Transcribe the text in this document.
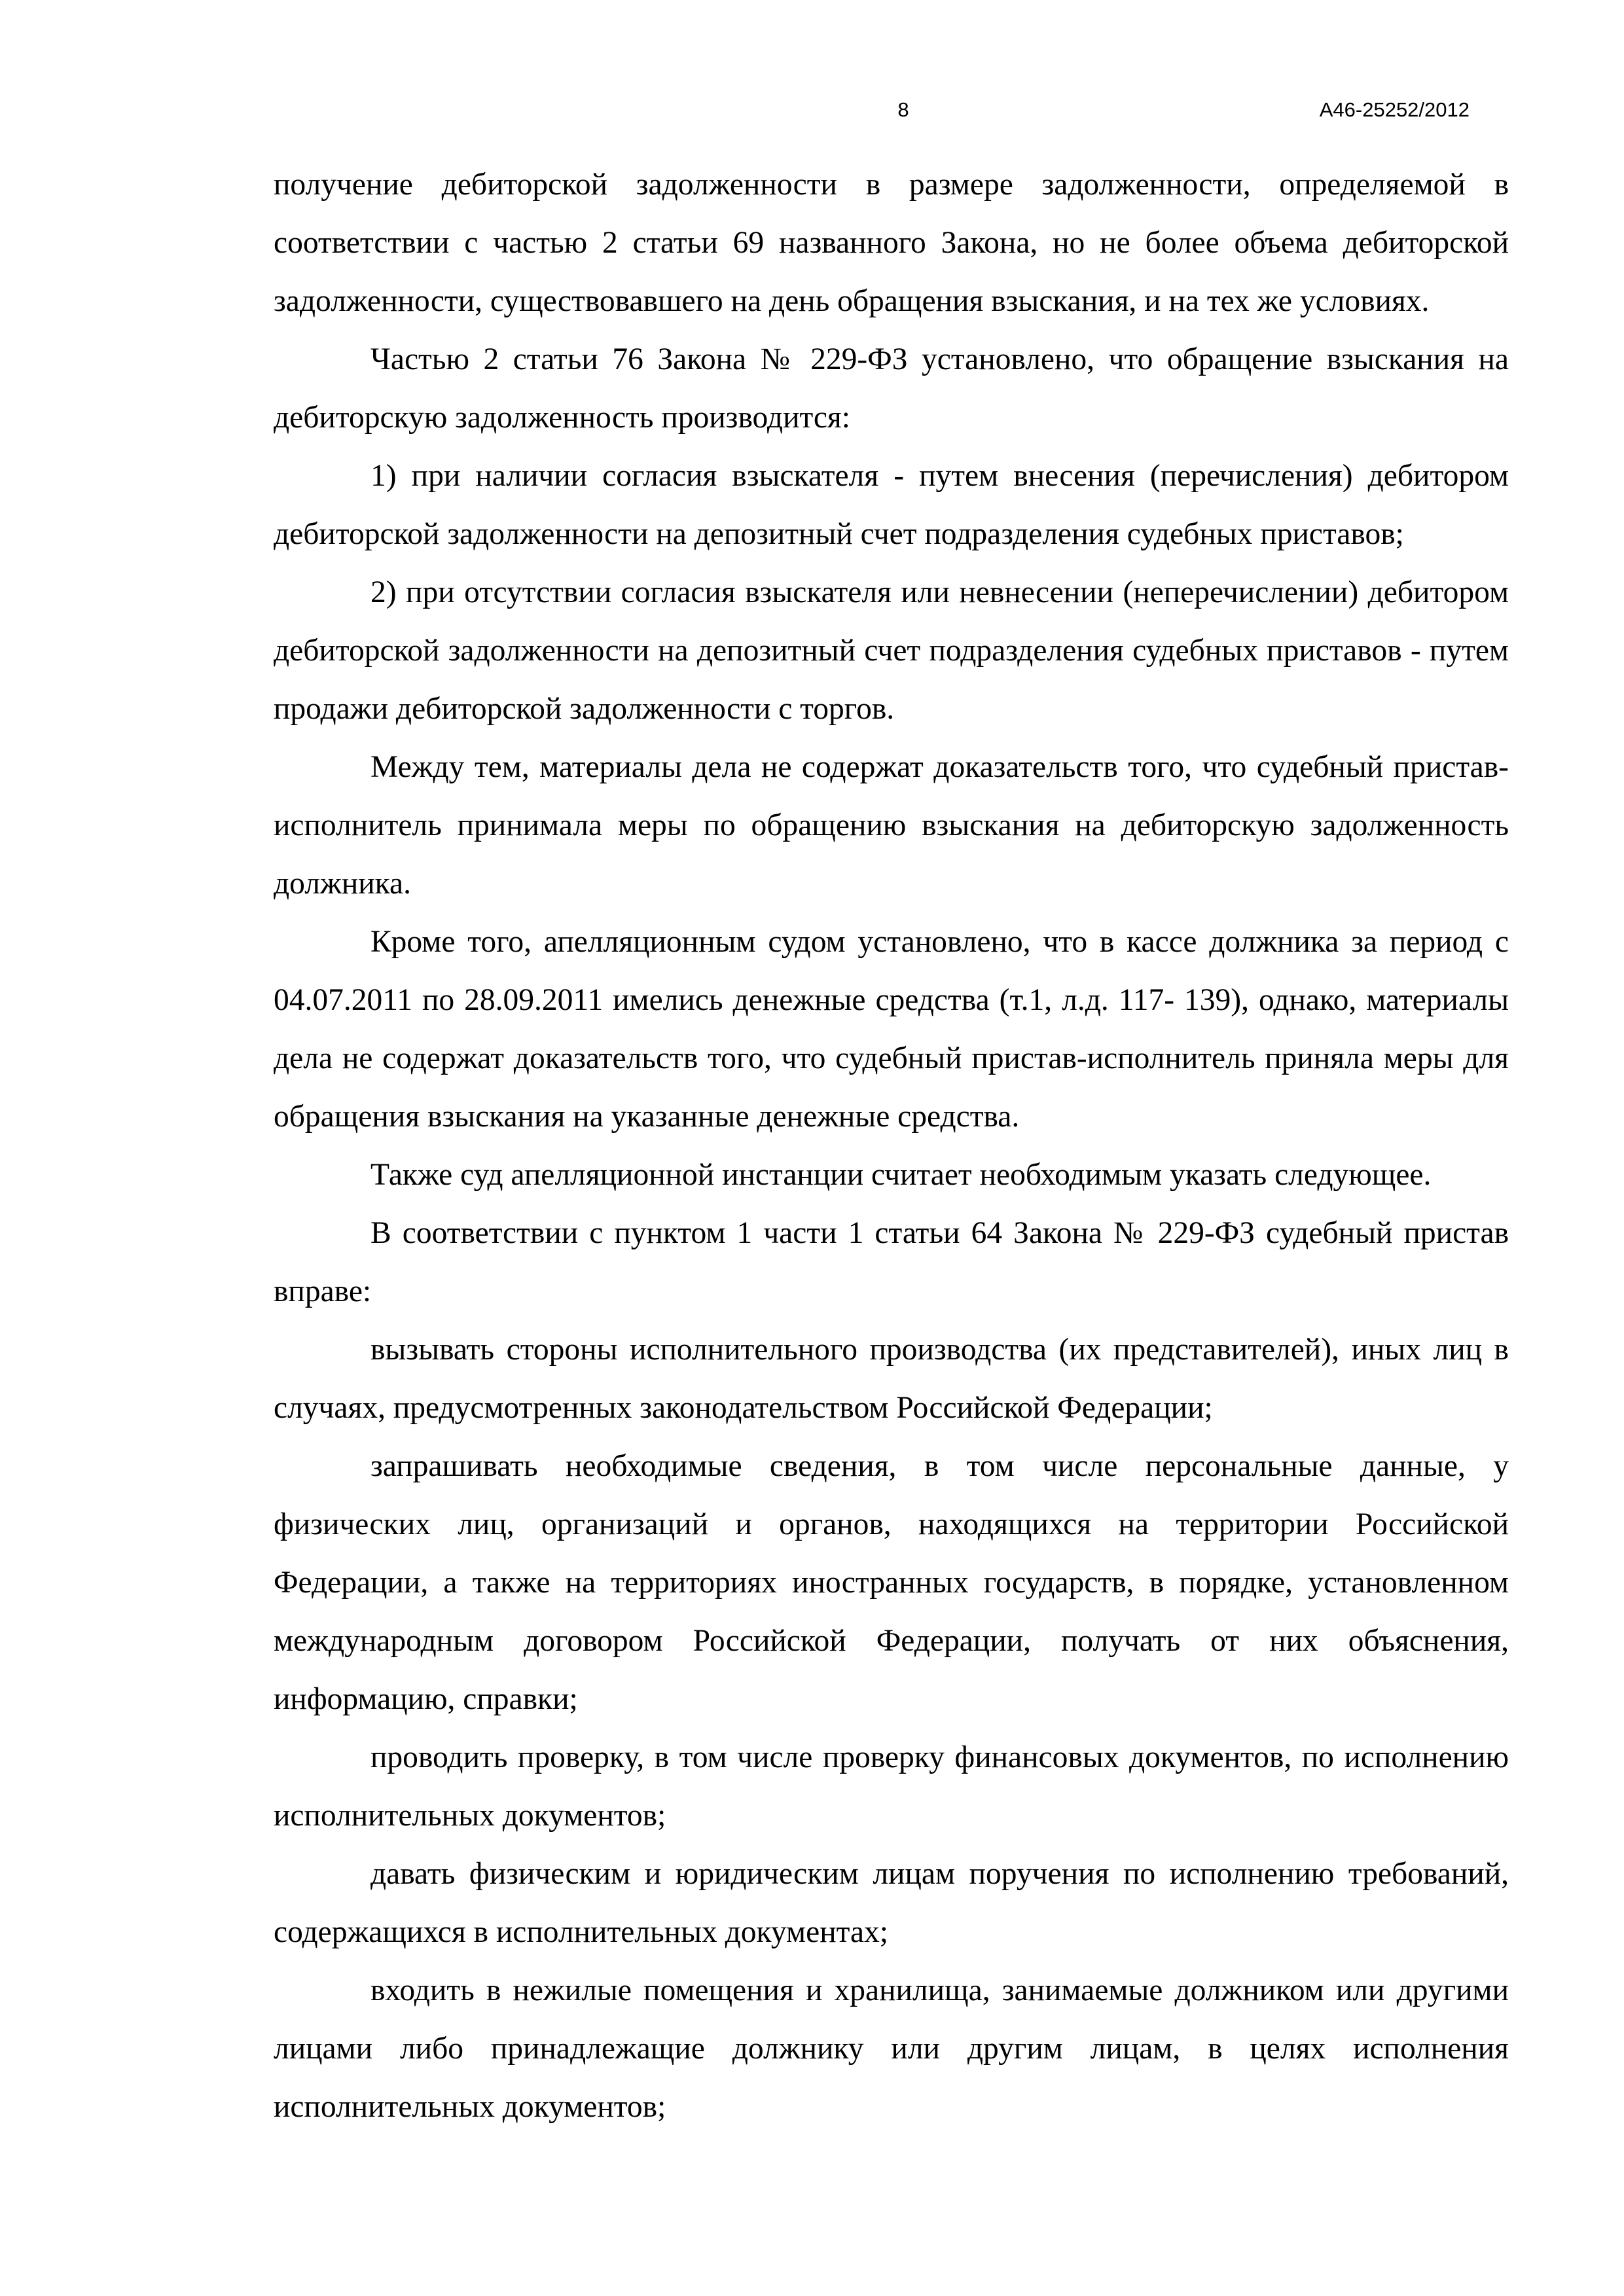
8	А46-25252/2012

получение дебиторской задолженности в размере задолженности, определяемой в соответствии с частью 2 статьи 69 названного Закона, но не более объема дебиторской задолженности, существовавшего на день обращения взыскания, и на тех же условиях.

Частью 2 статьи 76 Закона № 229-ФЗ установлено, что обращение взыскания на дебиторскую задолженность производится:

1) при наличии согласия взыскателя - путем внесения (перечисления) дебитором дебиторской задолженности на депозитный счет подразделения судебных приставов;

2) при отсутствии согласия взыскателя или невнесении (неперечислении) дебитором дебиторской задолженности на депозитный счет подразделения судебных приставов - путем продажи дебиторской задолженности с торгов.

Между тем, материалы дела не содержат доказательств того, что судебный пристав-исполнитель принимала меры по обращению взыскания на дебиторскую задолженность должника.

Кроме того, апелляционным судом установлено, что в кассе должника за период с 04.07.2011 по 28.09.2011 имелись денежные средства (т.1, л.д. 117- 139), однако, материалы дела не содержат доказательств того, что судебный пристав-исполнитель приняла меры для обращения взыскания на указанные денежные средства.

Также суд апелляционной инстанции считает необходимым указать следующее.

В соответствии с пунктом 1 части 1 статьи 64 Закона № 229-ФЗ судебный пристав вправе:

вызывать стороны исполнительного производства (их представителей), иных лиц в случаях, предусмотренных законодательством Российской Федерации;

запрашивать необходимые сведения, в том числе персональные данные, у физических лиц, организаций и органов, находящихся на территории Российской Федерации, а также на территориях иностранных государств, в порядке, установленном международным договором Российской Федерации, получать от них объяснения, информацию, справки;

проводить проверку, в том числе проверку финансовых документов, по исполнению исполнительных документов;

давать физическим и юридическим лицам поручения по исполнению требований, содержащихся в исполнительных документах;

входить в нежилые помещения и хранилища, занимаемые должником или другими лицами либо принадлежащие должнику или другим лицам, в целях исполнения исполнительных документов;
